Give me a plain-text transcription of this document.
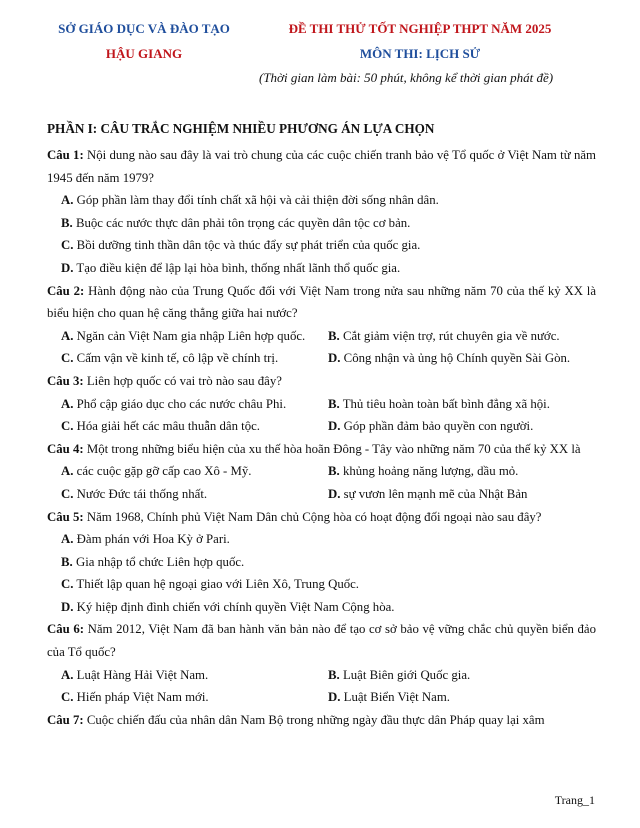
SỞ GIÁO DỤC VÀ ĐÀO TẠO
HẬU GIANG
ĐỀ THI THỬ TỐT NGHIỆP THPT NĂM 2025
MÔN THI: LỊCH SỬ
(Thời gian làm bài: 50 phút, không kể thời gian phát đề)
PHẦN I: CÂU TRẮC NGHIỆM NHIỀU PHƯƠNG ÁN LỰA CHỌN
Câu 1: Nội dung nào sau đây là vai trò chung của các cuộc chiến tranh bảo vệ Tổ quốc ở Việt Nam từ năm 1945 đến năm 1979?
A. Góp phần làm thay đổi tính chất xã hội và cải thiện đời sống nhân dân.
B. Buộc các nước thực dân phải tôn trọng các quyền dân tộc cơ bản.
C. Bồi dưỡng tinh thần dân tộc và thúc đẩy sự phát triển của quốc gia.
D. Tạo điều kiện để lập lại hòa bình, thống nhất lãnh thổ quốc gia.
Câu 2: Hành động nào của Trung Quốc đối với Việt Nam trong nửa sau những năm 70 của thế kỷ XX là biểu hiện cho quan hệ căng thẳng giữa hai nước?
A. Ngăn cản Việt Nam gia nhập Liên hợp quốc.	B. Cắt giảm viện trợ, rút chuyên gia về nước.
C. Cấm vận về kinh tế, cô lập về chính trị.	D. Công nhận và ủng hộ Chính quyền Sài Gòn.
Câu 3: Liên hợp quốc có vai trò nào sau đây?
A. Phổ cập giáo dục cho các nước châu Phi.	B. Thủ tiêu hoàn toàn bất bình đẳng xã hội.
C. Hóa giải hết các mâu thuẫn dân tộc.	D. Góp phần đảm bảo quyền con người.
Câu 4: Một trong những biểu hiện của xu thế hòa hoãn Đông - Tây vào những năm 70 của thế kỷ XX là
A. các cuộc gặp gỡ cấp cao Xô - Mỹ.	B. khủng hoảng năng lượng, dầu mỏ.
C. Nước Đức tái thống nhất.	D. sự vươn lên mạnh mẽ của Nhật Bản
Câu 5: Năm 1968, Chính phủ Việt Nam Dân chủ Cộng hòa có hoạt động đối ngoại nào sau đây?
A. Đàm phán với Hoa Kỳ ở Pari.
B. Gia nhập tổ chức Liên hợp quốc.
C. Thiết lập quan hệ ngoại giao với Liên Xô, Trung Quốc.
D. Ký hiệp định đình chiến với chính quyền Việt Nam Cộng hòa.
Câu 6: Năm 2012, Việt Nam đã ban hành văn bản nào để tạo cơ sở bảo vệ vững chắc chủ quyền biển đảo của Tổ quốc?
A. Luật Hàng Hải Việt Nam.	B. Luật Biên giới Quốc gia.
C. Hiến pháp Việt Nam mới.	D. Luật Biển Việt Nam.
Câu 7: Cuộc chiến đấu của nhân dân Nam Bộ trong những ngày đầu thực dân Pháp quay lại xâm
Trang_1
